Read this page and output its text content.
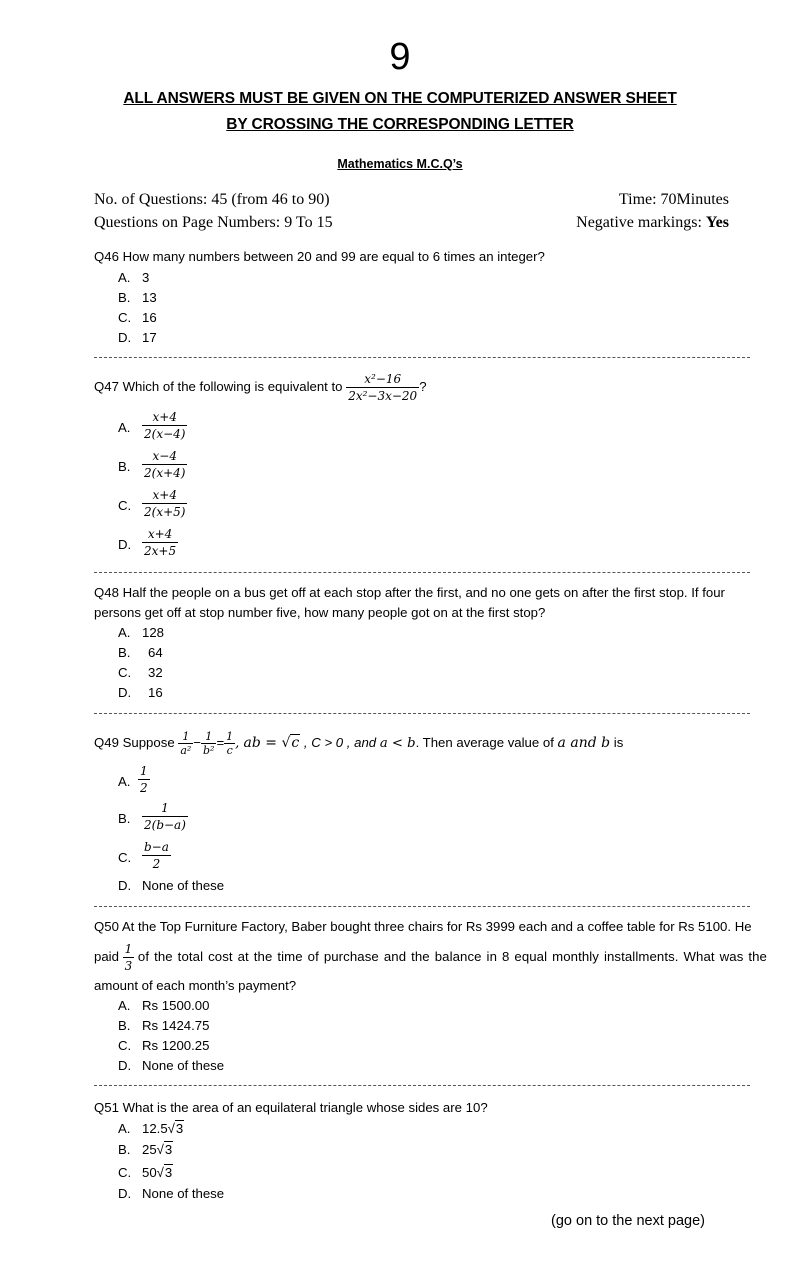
9
ALL ANSWERS MUST BE GIVEN ON THE COMPUTERIZED ANSWER SHEET
BY CROSSING THE CORRESPONDING LETTER
Mathematics M.C.Q’s
No. of Questions: 45 (from 46 to 90)
Questions on Page Numbers: 9 To 15
Time: 70Minutes
Negative markings: Yes
Q46 How many numbers between 20 and 99 are equal to 6 times an integer?
A. 3
B. 13
C. 16
D. 17
Q47 Which of the following is equivalent to $\frac{\text{x²−16}}{\text{2x²−3x−20}}$ ?
A. $\frac{x+4}{2(x-4)}$
B. $\frac{x-4}{2(x+4)}$
C. $\frac{x+4}{2(x+5)}$
D. $\frac{x+4}{2x+5}$
Q48 Half the people on a bus get off at each stop after the first, and no one gets on after the first stop. If four
persons get off at stop number five, how many people got on at the first stop?
A. 128
B. 64
C. 32
D. 16
Q49 Suppose $\frac{1}{\text{a²}} - \frac{1}{\text{b²}} = \frac{1}{c}$ , ab = √c , C > 0 , and a < b. Then average value of a and b is
A. $\frac{1}{2}$
B. $\frac{1}{2(b-a)}$
C. $\frac{b-a}{2}$
D. None of these
Q50 At the Top Furniture Factory, Baber bought three chairs for Rs 3999 each and a coffee table for Rs 5100. He
paid $\frac{1}{3}$ of the total cost at the time of purchase and the balance in 8 equal monthly installments. What was the
amount of each month’s payment?
A. Rs 1500.00
B. Rs 1424.75
C. Rs 1200.25
D. None of these
Q51 What is the area of an equilateral triangle whose sides are 10?
A. 12.5√3
B. 25√3
C. 50√3
D. None of these
(go on to the next page)
